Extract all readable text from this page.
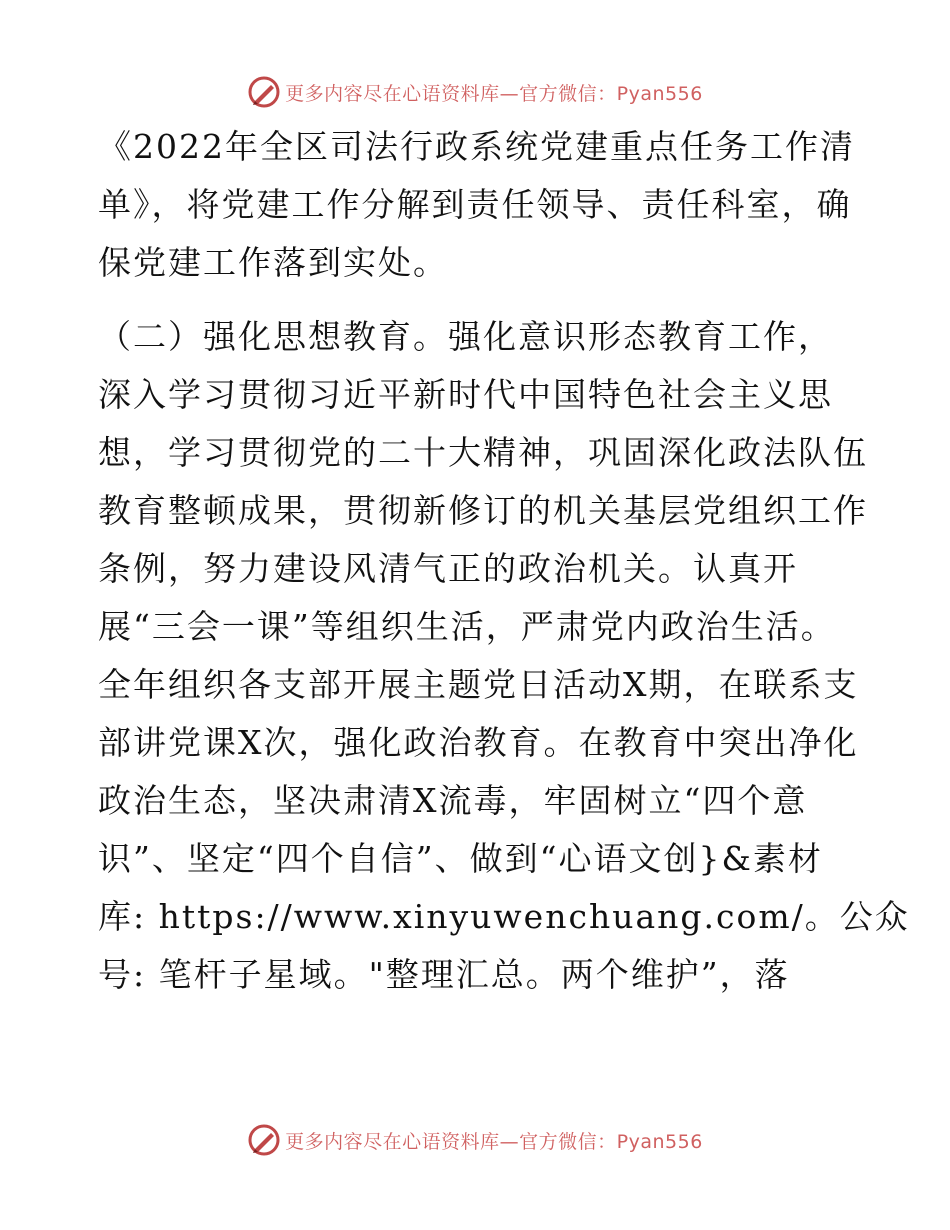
更多内容尽在心语资料库—官方微信：Pyan556

《2022年全区司法行政系统党建重点任务工作清
单》，将党建工作分解到责任领导、责任科室，确
保党建工作落到实处。

（二）强化思想教育。强化意识形态教育工作，
深入学习贯彻习近平新时代中国特色社会主义思
想，学习贯彻党的二十大精神，巩固深化政法队伍
教育整顿成果，贯彻新修订的机关基层党组织工作
条例，努力建设风清气正的政治机关。认真开
展“三会一课”等组织生活，严肃党内政治生活。
全年组织各支部开展主题党日活动X期，在联系支
部讲党课X次，强化政治教育。在教育中突出净化
政治生态，坚决肃清X流毒，牢固树立“四个意
识”、坚定“四个自信”、做到“心语文创}&素材
库: https://www.xinyuwenchuang.com/。公众
号: 笔杆子星域。"整理汇总。两个维护”，落

更多内容尽在心语资料库—官方微信：Pyan556
